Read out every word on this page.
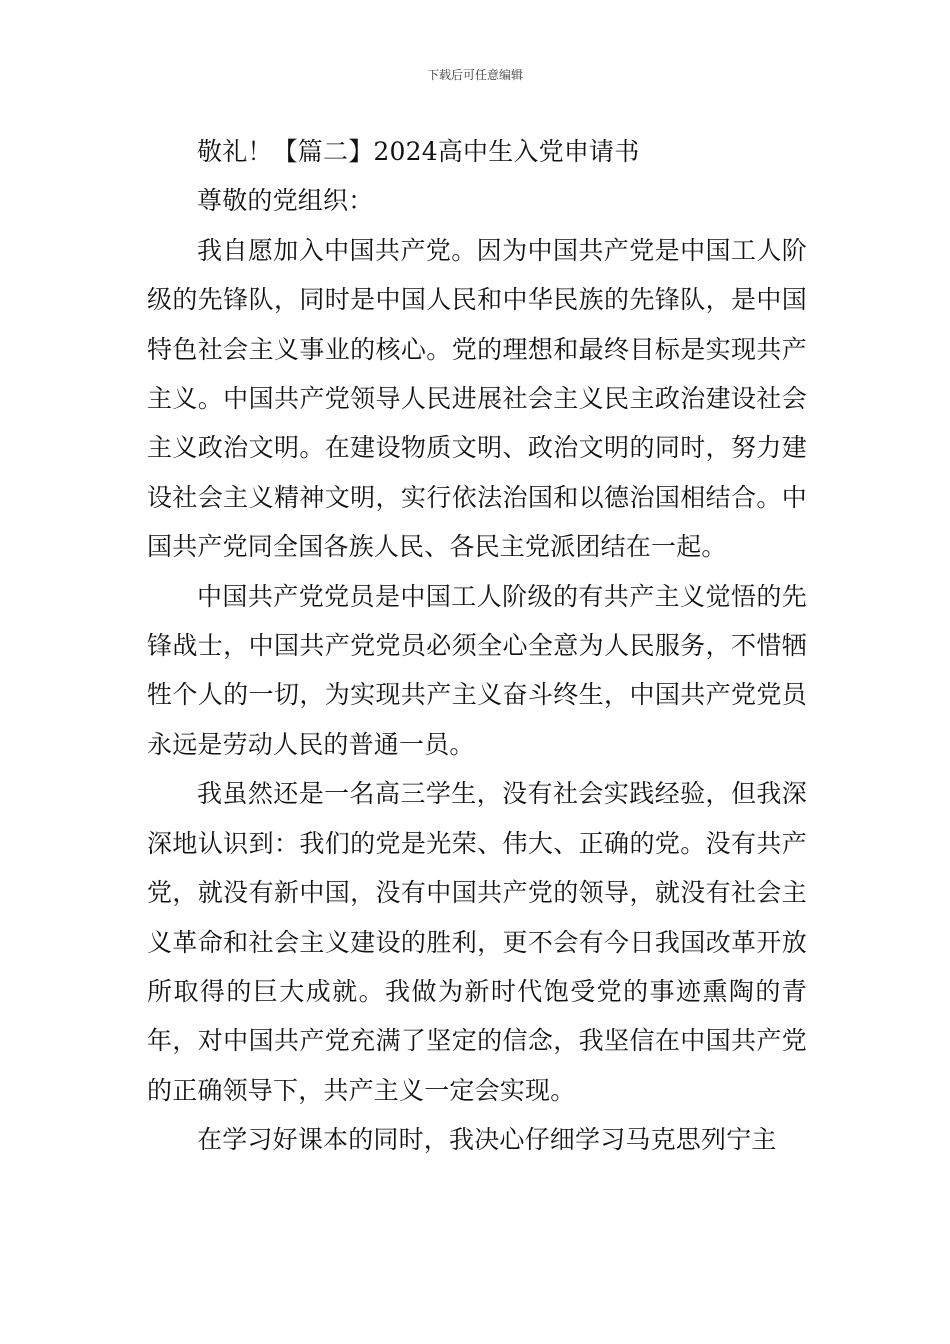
下载后可任意编辑

敬礼！【篇二】2024高中生入党申请书

尊敬的党组织：

我自愿加入中国共产党。因为中国共产党是中国工人阶级的先锋队，同时是中国人民和中华民族的先锋队，是中国特色社会主义事业的核心。党的理想和最终目标是实现共产主义。中国共产党领导人民进展社会主义民主政治建设社会主义政治文明。在建设物质文明、政治文明的同时，努力建设社会主义精神文明，实行依法治国和以德治国相结合。中国共产党同全国各族人民、各民主党派团结在一起。

中国共产党党员是中国工人阶级的有共产主义觉悟的先锋战士，中国共产党党员必须全心全意为人民服务，不惜牺牲个人的一切，为实现共产主义奋斗终生，中国共产党党员永远是劳动人民的普通一员。

我虽然还是一名高三学生，没有社会实践经验，但我深深地认识到：我们的党是光荣、伟大、正确的党。没有共产党，就没有新中国，没有中国共产党的领导，就没有社会主义革命和社会主义建设的胜利，更不会有今日我国改革开放所取得的巨大成就。我做为新时代饱受党的事迹熏陶的青年，对中国共产党充满了坚定的信念，我坚信在中国共产党的正确领导下，共产主义一定会实现。

在学习好课本的同时，我决心仔细学习马克思列宁主
